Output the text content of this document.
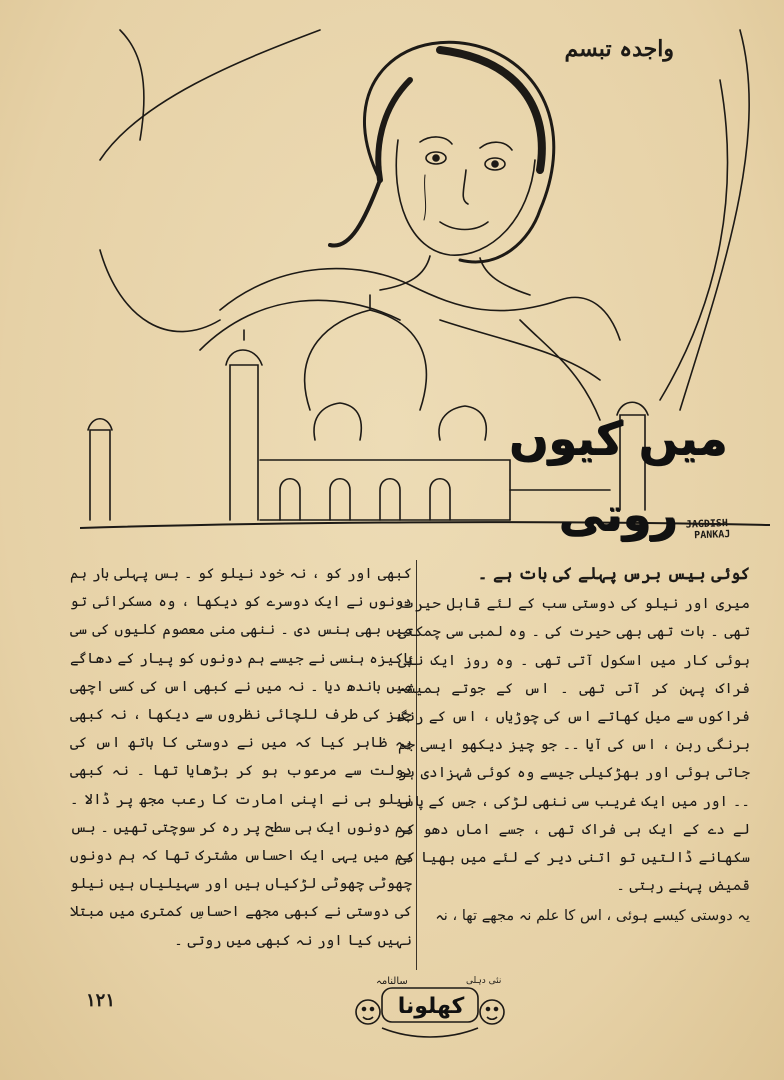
واجدہ تبسم
میں کیوں روتی JAGDISH
PANKAJ

کوئی بیس برس پہلے کی بات ہے ۔

میری اور نیلو کی دوستی سب کے لئے قابل حیرت تھی ۔ بات تھی بھی حیرت کی ۔ وہ لمبی سی چمکتی ہوئی کار میں اسکول آتی تھی ۔ وہ روز ایک نئی فراک پہن کر آتی تھی ۔ اس کے جوتے ہمیشہ فراکوں سے میل کھاتے اس کی چوڑیاں ، اس کے رنگ برنگی ربن ، اس کی آیا ۔۔ جو چیز دیکھو ایسی جم جاتی ہوئی اور بھڑکیلی جیسے وہ کوئی شہزادی ہو ۔۔ اور میں ایک غریب سی ننھی لڑکی ، جس کے پاس لے دے کے ایک ہی فراک تھی ، جسے اماں دھو کر سکھانے ڈالتیں تو اتنی دیر کے لئے میں بھیا کی قمیض پہنے رہتی ۔

یہ دوستی کیسے ہوئی ، اس کا علم نہ مجھے تھا ، نہ

کبھی اور کو ، نہ خود نیلو کو ۔ بس پہلی بار ہم دونوں نے ایک دوسرے کو دیکھا ، وہ مسکرائی تو میں بھی ہنس دی ۔ ننھی منی معصوم کلیوں کی سی پاکیزہ ہنسی نے جیسے ہم دونوں کو پیار کے دھاگے میں باندھ دیا ۔ نہ میں نے کبھی اس کی کسی اچھی چیز کی طرف للچائی نظروں سے دیکھا ، نہ کبھی یہ ظاہر کیا کہ میں نے دوستی کا ہاتھ اس کی دولت سے مرعوب ہو کر بڑھایا تھا ۔ نہ کبھی نیلو ہی نے اپنی امارت کا رعب مجھ پر ڈالا ۔ ہم دونوں ایک ہی سطح پر رہ کر سوچتی تھیں ۔ بس ہم میں یہی ایک احساس مشترک تھا کہ ہم دونوں چھوٹی چھوٹی لڑکیاں ہیں اور سہیلیاں ہیں نیلو کی دوستی نے کبھی مجھے احساسِ کمتری میں مبتلا نہیں کیا اور نہ کبھی میں روتی ۔

۱۲۱
سالنامہ	نئی دہلی
کھلونا
